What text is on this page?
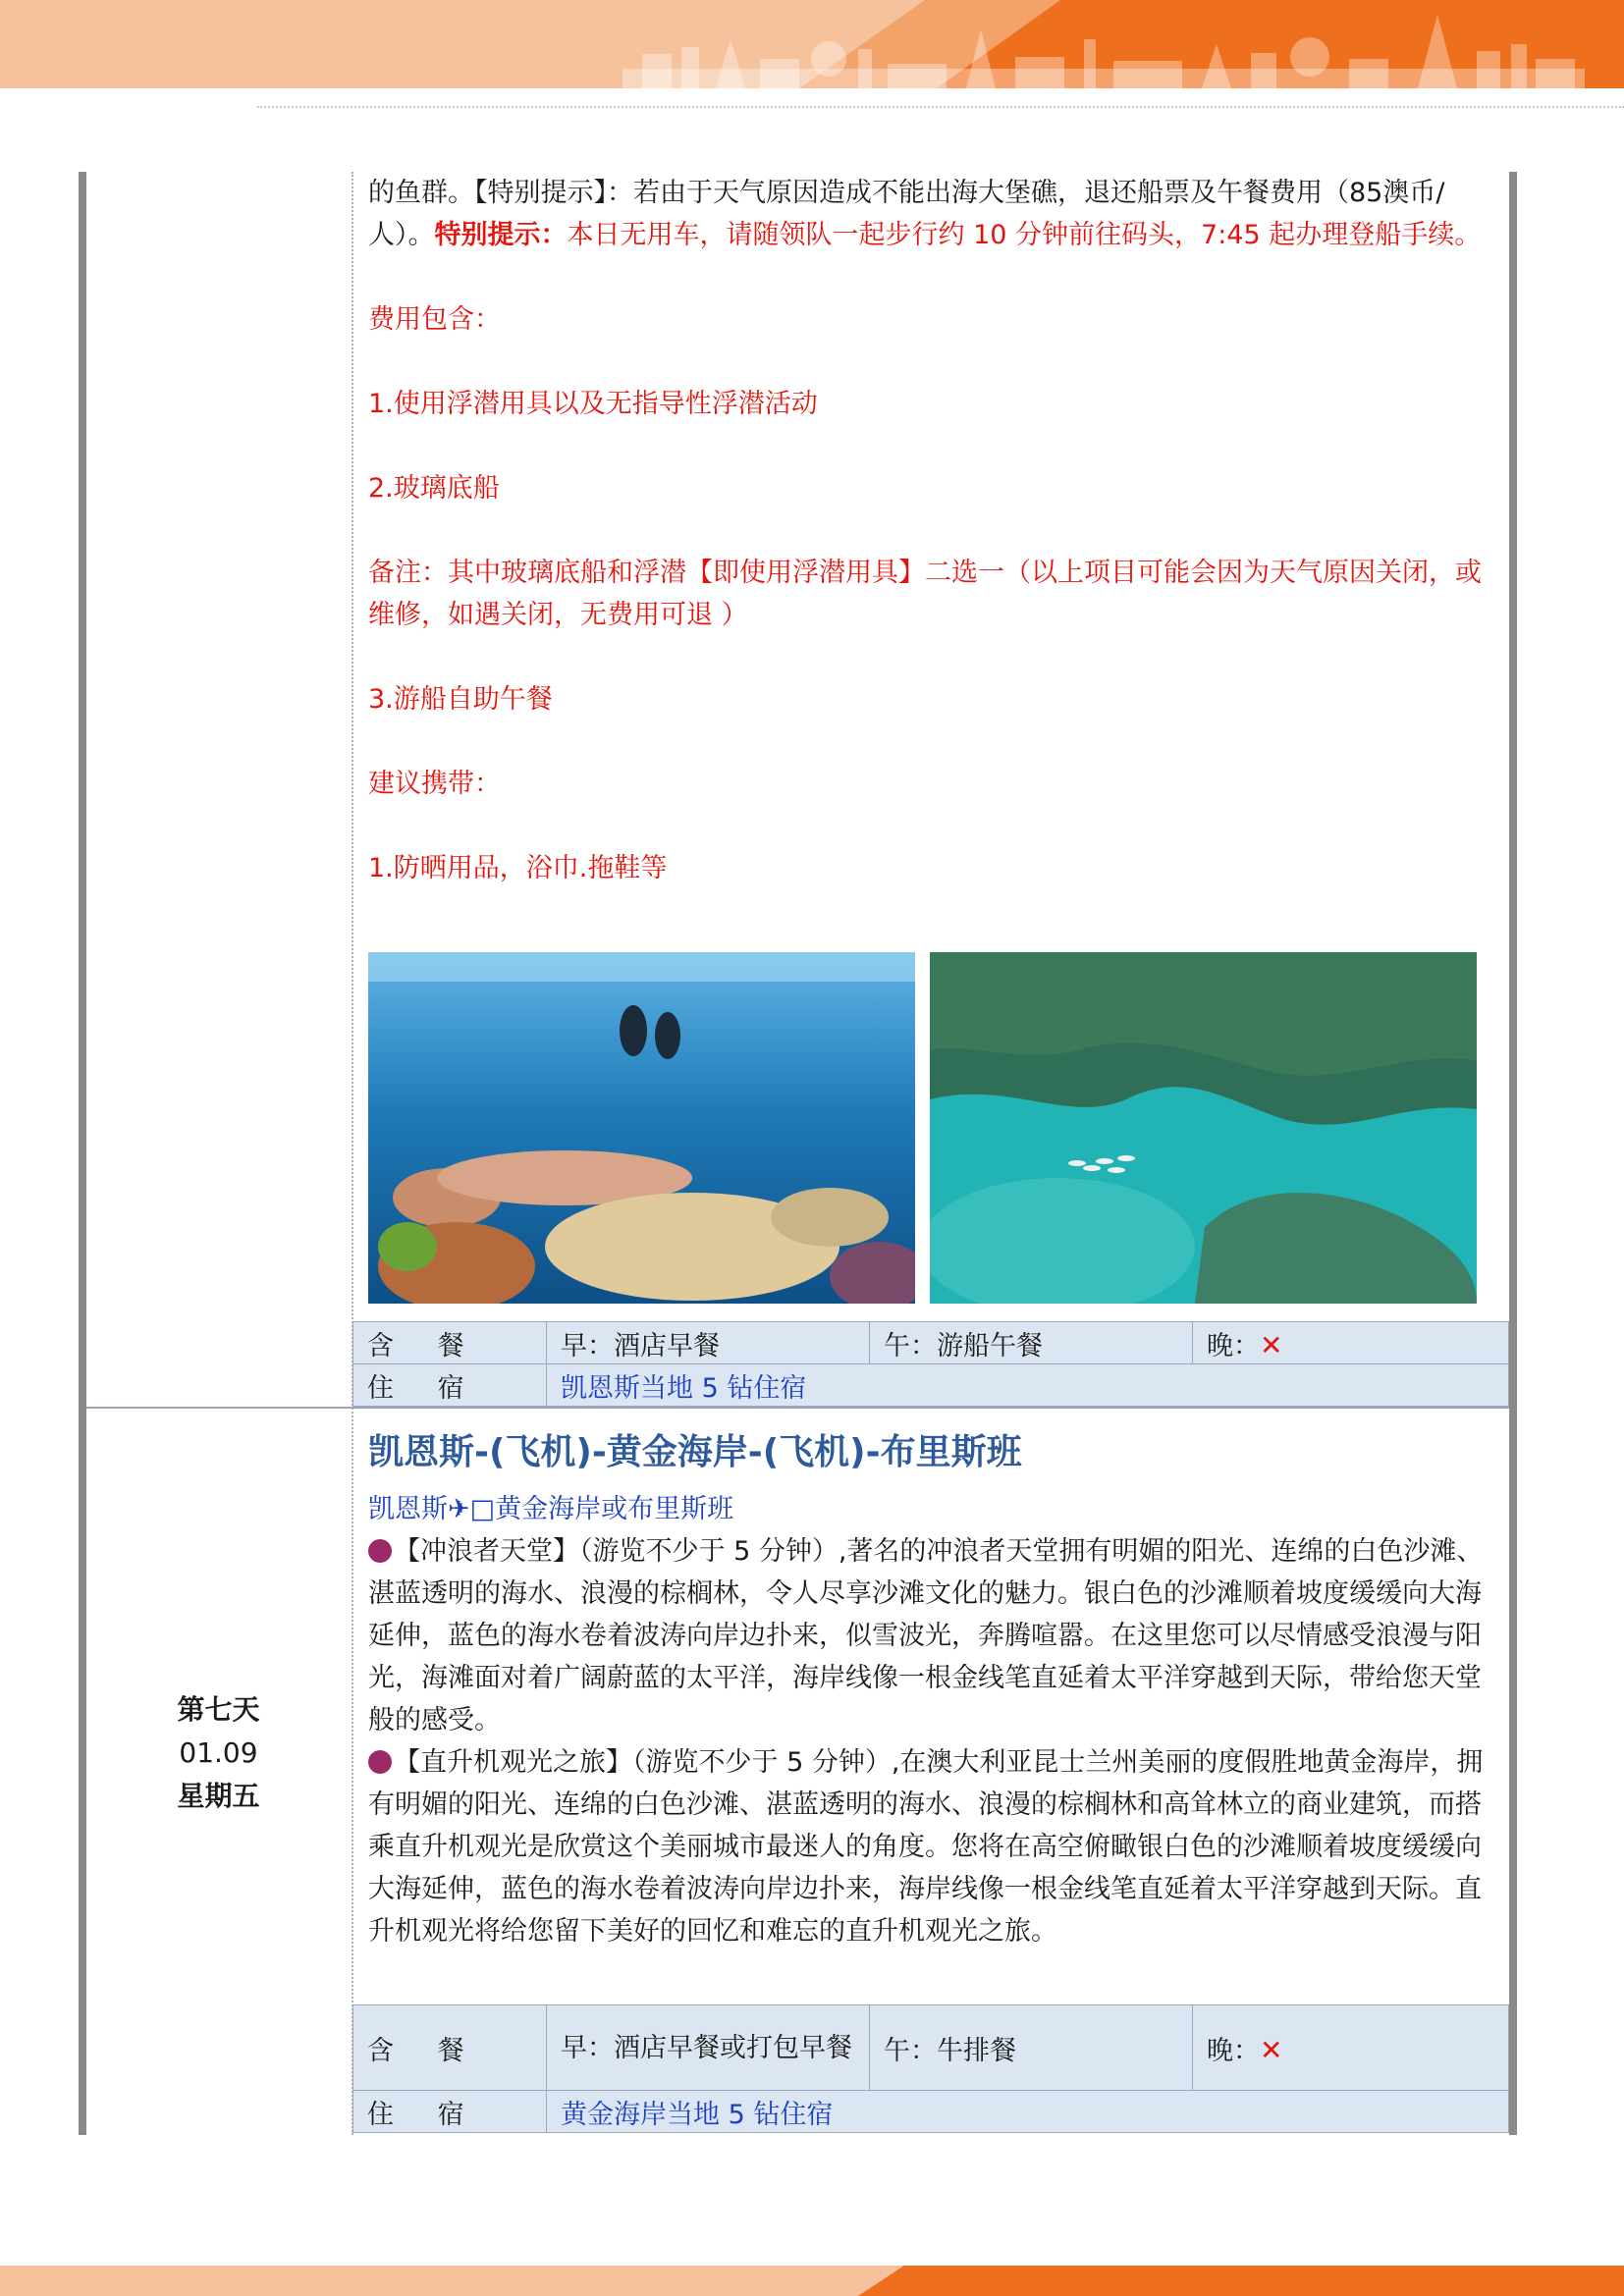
的鱼群。【特别提示】：若由于天气原因造成不能出海大堡礁，退还船票及午餐费用（85澳币/人）。特别提示：本日无用车，请随领队一起步行约 10 分钟前往码头，7:45 起办理登船手续。

费用包含：

1.使用浮潜用具以及无指导性浮潜活动

2.玻璃底船

备注：其中玻璃底船和浮潜【即使用浮潜用具】二选一（以上项目可能会因为天气原因关闭，或维修，如遇关闭，无费用可退 ）

3.游船自助午餐

建议携带：

1.防晒用品，浴巾.拖鞋等

含 餐	早：酒店早餐	午：游船午餐	晚：✕
住 宿	凯恩斯当地 5 钻住宿		
第七天
01.09
星期五
凯恩斯-(飞机)-黄金海岸-(飞机)-布里斯班

凯恩斯✈□黄金海岸或布里斯班

【冲浪者天堂】（游览不少于 5 分钟）,著名的冲浪者天堂拥有明媚的阳光、连绵的白色沙滩、湛蓝透明的海水、浪漫的棕榈林，令人尽享沙滩文化的魅力。银白色的沙滩顺着坡度缓缓向大海延伸，蓝色的海水卷着波涛向岸边扑来，似雪波光，奔腾喧嚣。在这里您可以尽情感受浪漫与阳光，海滩面对着广阔蔚蓝的太平洋，海岸线像一根金线笔直延着太平洋穿越到天际，带给您天堂般的感受。

【直升机观光之旅】（游览不少于 5 分钟）,在澳大利亚昆士兰州美丽的度假胜地黄金海岸，拥有明媚的阳光、连绵的白色沙滩、湛蓝透明的海水、浪漫的棕榈林和高耸林立的商业建筑，而搭乘直升机观光是欣赏这个美丽城市最迷人的角度。您将在高空俯瞰银白色的沙滩顺着坡度缓缓向大海延伸，蓝色的海水卷着波涛向岸边扑来，海岸线像一根金线笔直延着太平洋穿越到天际。直升机观光将给您留下美好的回忆和难忘的直升机观光之旅。

含 餐	早：酒店早餐或打包早餐	午：牛排餐	晚：✕
住 宿	黄金海岸当地 5 钻住宿		
